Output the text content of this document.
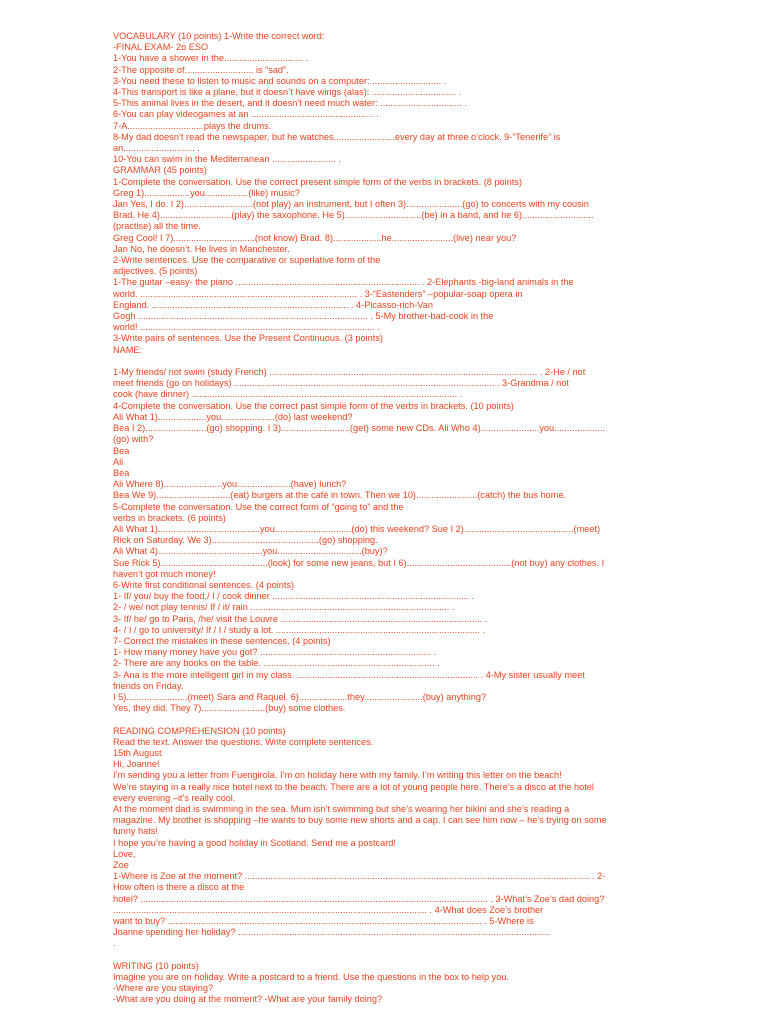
VOCABULARY (10 points) 1-Write the correct word:

-FINAL EXAM- 2o ESO

1-You have a shower in the............................... .

2-The opposite of........................... is “sad”.

3-You need these to listen to music and sounds on a computer: ........................... .

4-This transport is like a plane, but it doesn’t have wings (alas): ................................. .

5-This animal lives in the desert, and it doesn’t need much water: ................................ .

6-You can play videogames at an ................................................ .

7-A..............................plays the drums.

8-My dad doesn’t read the newspaper, but he watches........................every day at three o’clock. 9-“Tenerife” is

an............................ .

10-You can swim in the Mediterranean ......................... .

GRAMMAR (45 points)

1-Complete the conversation. Use the correct present simple form of the verbs in brackets. (8 points)

Greg 1)..................you.................(like) music?

Jan Yes, I do. I 2)...........................(not play) an instrument, but I often 3)......................(go) to concerts with my cousin

Brad. He 4)............................(play) the saxophone. He 5)..............................(be) in a band, and he 6)............................

(practise) all the time.

Greg Cool! I 7)................................(not know) Brad. 8)...................he........................(live) near you?

Jan No, he doesn’t. He lives in Manchester.

2-Write sentences. Use the comparative or superlative form of the

adjectives. (5 points)

1-The guitar –easy- the piano ........................................................................ . 2-Elephants -big-land animals in the

world. ..................................................................................... . 3-“Eastenders” –popular-soap opera in

England. ............................................................................. . 4-Picasso-rich-Van

Gogh .......................................................................................... . 5-My brother-bad-cook in the

world! ............................................................................................ .

3-Write pairs of sentences. Use the Present Continuous. (3 points)

NAME:

1-My friends/ not swim (study French) ......................................................................................................... . 2-He / not

meet friends (go on holidays) ...................................................................................................... . 3-Grandma / not

cook (have dinner) ........................................................................................................ .

4-Complete the conversation. Use the correct past simple form of the verbs in brackets. (10 points)

Ali What 1)...................you.....................(do) last weekend?

Bea I 2)........................(go) shopping. I 3)...........................(get) some new CDs. Ali Who 4).......................you....................

(go) with?

Bea

Ali

Bea

Ali Where 8).......................you.....................(have) lunch?

Bea We 9).............................(eat) burgers at the café in town. Then we 10)........................(catch) the bus home.

5-Complete the conversation. Use the correct form of “going to” and the

verbs in brackets. (6 points)

Ali What 1)........................................you..............................(do) this weekend? Sue I 2)...........................................(meet)

Rick on Saturday. We 3)..........................................(go) shopping.

Ali What 4).........................................you.................................(buy)?

Sue Rick 5)..........................................(look) for some new jeans, but I 6).........................................(not buy) any clothes. I

haven’t got much money!

6-Write first conditional sentences. (4 points)

1- If/ you/ buy the food,/ I / cook dinner ............................................................................. .

2- / we/ not play tennis/ If / it/ rain .............................................................................. .

3- If/ he/ go to Paris, /he/ visit the Louvre ............................................................................... .

4- / I / go to university/ If / I / study a lot. ................................................................................ .

7- Correct the mistakes in these sentences. (4 points)

1- How many money have you got? ................................................................... .

2- There are any books on the table. ................................................................... .

3- Ana is the more intelligent girl in my class. ....................................................................... . 4-My sister usually meet

friends on Friday.

I 5)........................(meet) Sara and Raquel. 6)...................they.......................(buy) anything?

Yes, they did. They 7).........................(buy) some clothes.

READING COMPREHENSION (10 points)

Read the text. Answer the questions. Write complete sentences.

15th August

Hi, Joanne!

I’m sending you a letter from Fuengirola. I’m on holiday here with my family. I’m writing this letter on the beach!

We’re staying in a really nice hotel next to the beach. There are a lot of young people here. There’s a disco at the hotel

every evening –it’s really cool.

At the moment dad is swimming in the sea. Mum isn’t swimming but she’s wearing her bikini and she’s reading a

magazine. My brother is shopping –he wants to buy some new shorts and a cap. I can see him now – he’s trying on some

funny hats!

I hope you’re having a good holiday in Scotland. Send me a postcard!

Love,

Zoe

1-Where is Zoe at the moment? ....................................................................................................................................... . 2-

How often is there a disco at the

hotel? ........................................................................................................................................ . 3-What’s Zoe’s dad doing?

........................................................................................................................... . 4-What does Zoe’s brother

want to buy? ........................................................................................................................... . 5-Where is

Joanne spending her holiday? ..........................................................................................................................

.

WRITING (10 points)

Imagine you are on holiday. Write a postcard to a friend. Use the questions in the box to help you.

-Where are you staying?

-What are you doing at the moment? -What are your family doing?
